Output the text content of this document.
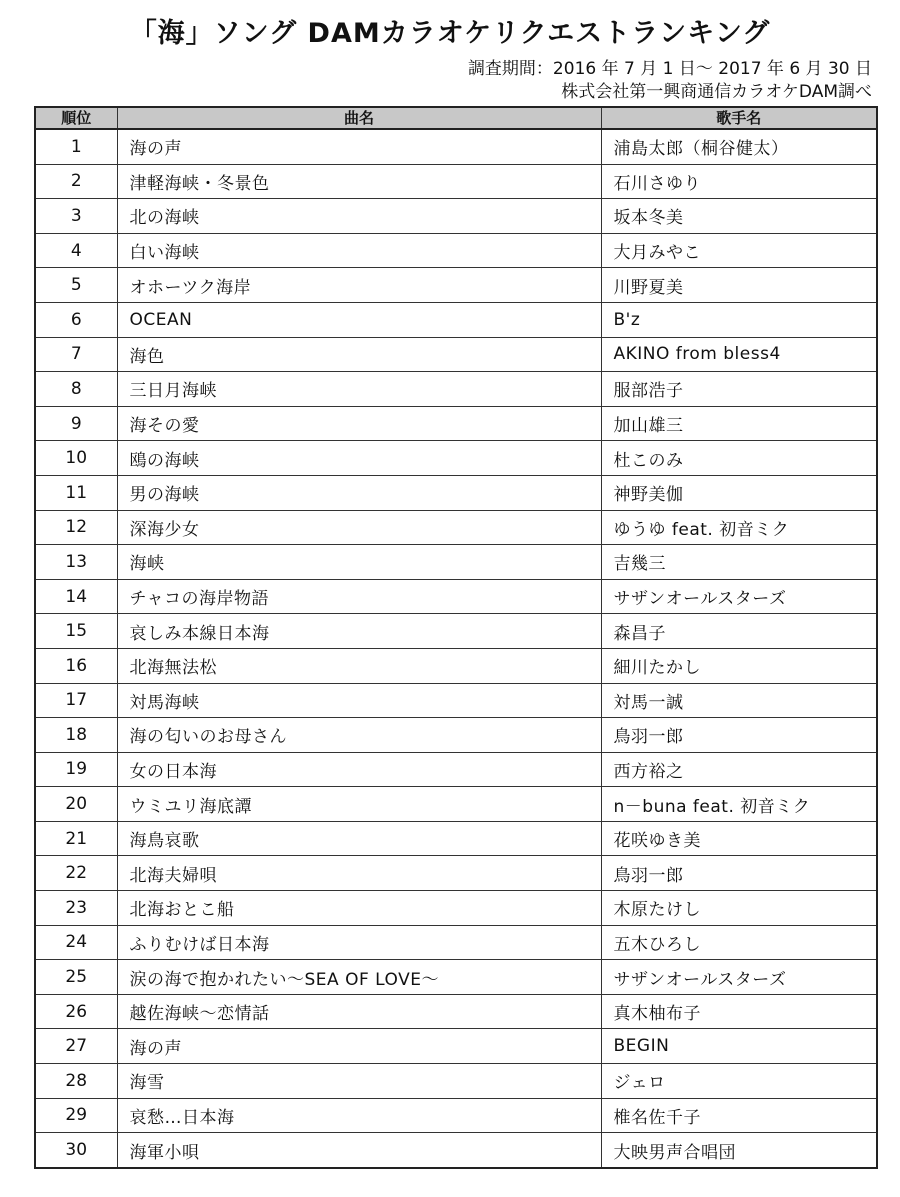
「海」ソング DAMカラオケリクエストランキング
調査期間：2016 年 7 月 1 日～ 2017 年 6 月 30 日
株式会社第一興商通信カラオケDAM調べ
順位	曲名	歌手名
1	海の声	浦島太郎（桐谷健太）
2	津軽海峡・冬景色	石川さゆり
3	北の海峡	坂本冬美
4	白い海峡	大月みやこ
5	オホーツク海岸	川野夏美
6	OCEAN	B'z
7	海色	AKINO from bless4
8	三日月海峡	服部浩子
9	海その愛	加山雄三
10	鴎の海峡	杜このみ
11	男の海峡	神野美伽
12	深海少女	ゆうゆ feat. 初音ミク
13	海峡	吉幾三
14	チャコの海岸物語	サザンオールスターズ
15	哀しみ本線日本海	森昌子
16	北海無法松	細川たかし
17	対馬海峡	対馬一誠
18	海の匂いのお母さん	鳥羽一郎
19	女の日本海	西方裕之
20	ウミユリ海底譚	n－buna feat. 初音ミク
21	海鳥哀歌	花咲ゆき美
22	北海夫婦唄	鳥羽一郎
23	北海おとこ船	木原たけし
24	ふりむけば日本海	五木ひろし
25	涙の海で抱かれたい～SEA OF LOVE～	サザンオールスターズ
26	越佐海峡～恋情話	真木柚布子
27	海の声	BEGIN
28	海雪	ジェロ
29	哀愁…日本海	椎名佐千子
30	海軍小唄	大映男声合唱団
